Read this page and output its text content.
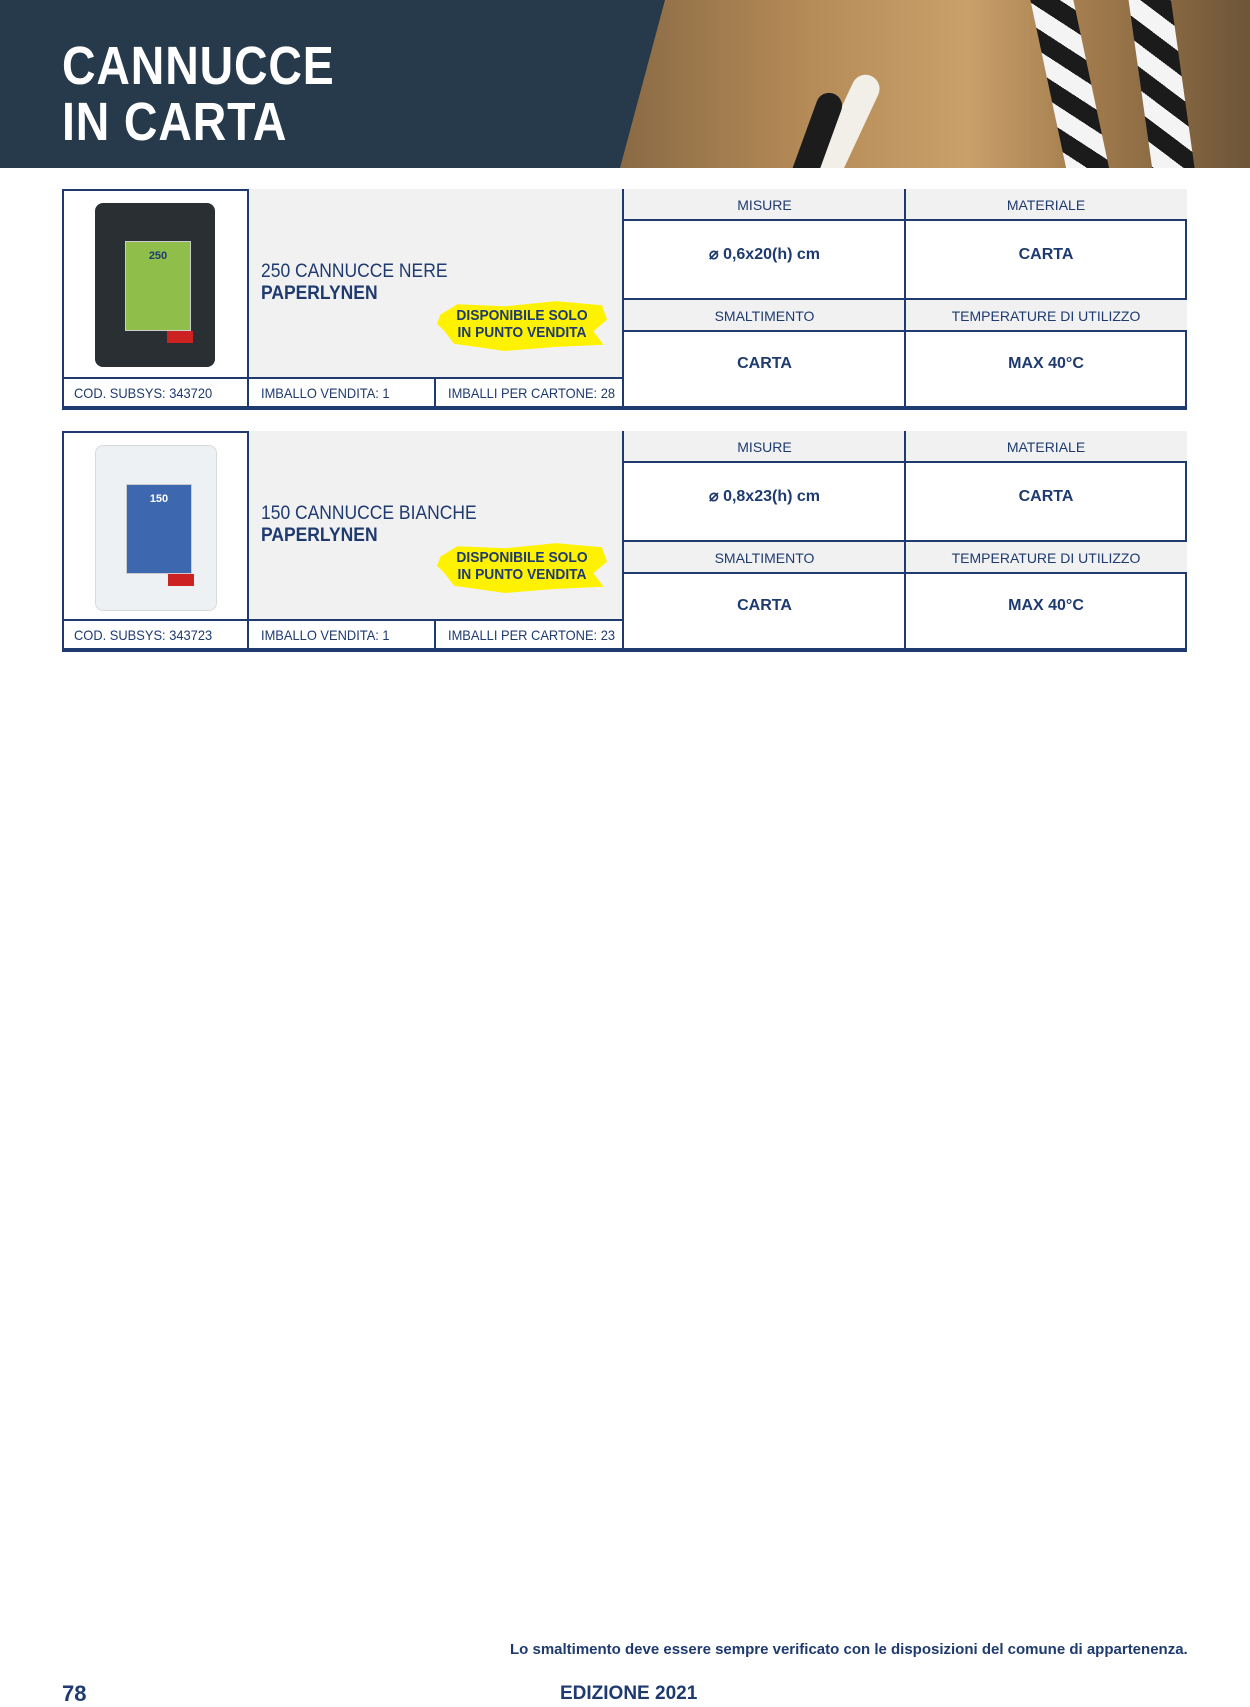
CANNUCCE
IN CARTA
250
250 CANNUCCE NERE
PAPERLYNEN
DISPONIBILE SOLO
IN PUNTO VENDITA
COD. SUBSYS: 343720	IMBALLO VENDITA: 1	IMBALLI PER CARTONE: 28
MISURE	MATERIALE
⌀ 0,6x20(h) cm	CARTA
SMALTIMENTO	TEMPERATURE DI UTILIZZO
CARTA	MAX 40°C
150
150 CANNUCCE BIANCHE
PAPERLYNEN
DISPONIBILE SOLO
IN PUNTO VENDITA
COD. SUBSYS: 343723	IMBALLO VENDITA: 1	IMBALLI PER CARTONE: 23
MISURE	MATERIALE
⌀ 0,8x23(h) cm	CARTA
SMALTIMENTO	TEMPERATURE DI UTILIZZO
CARTA	MAX 40°C
Lo smaltimento deve essere sempre verificato con le disposizioni del comune di appartenenza.
78	EDIZIONE 2021
